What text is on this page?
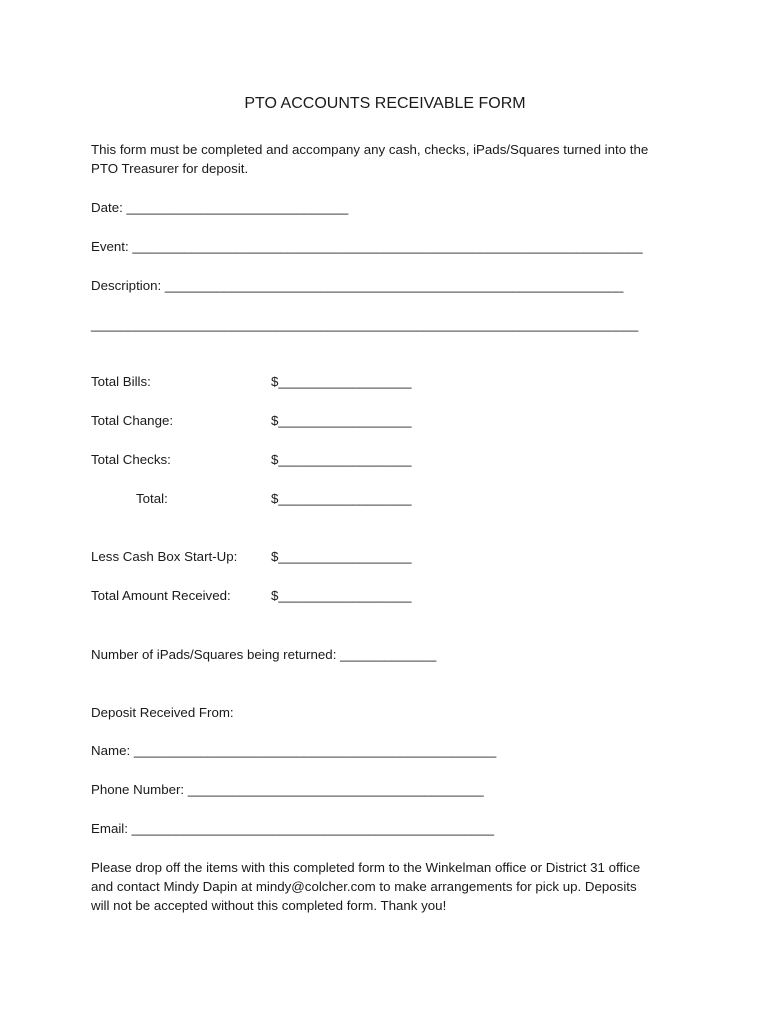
PTO ACCOUNTS RECEIVABLE FORM
This form must be completed and accompany any cash, checks, iPads/Squares turned into the
PTO Treasurer for deposit.
Date: ______________________________
Event: _____________________________________________________________________
Description: ______________________________________________________________
__________________________________________________________________________
Total Bills:	$__________________
Total Change:	$__________________
Total Checks:	$__________________
Total:	$__________________
Less Cash Box Start-Up:	$__________________
Total Amount Received:	$__________________
Number of iPads/Squares being returned: _____________
Deposit Received From:
Name: _________________________________________________
Phone Number: ________________________________________
Email: _________________________________________________
Please drop off the items with this completed form to the Winkelman office or District 31 office
and contact Mindy Dapin at mindy@colcher.com to make arrangements for pick up. Deposits
will not be accepted without this completed form. Thank you!
